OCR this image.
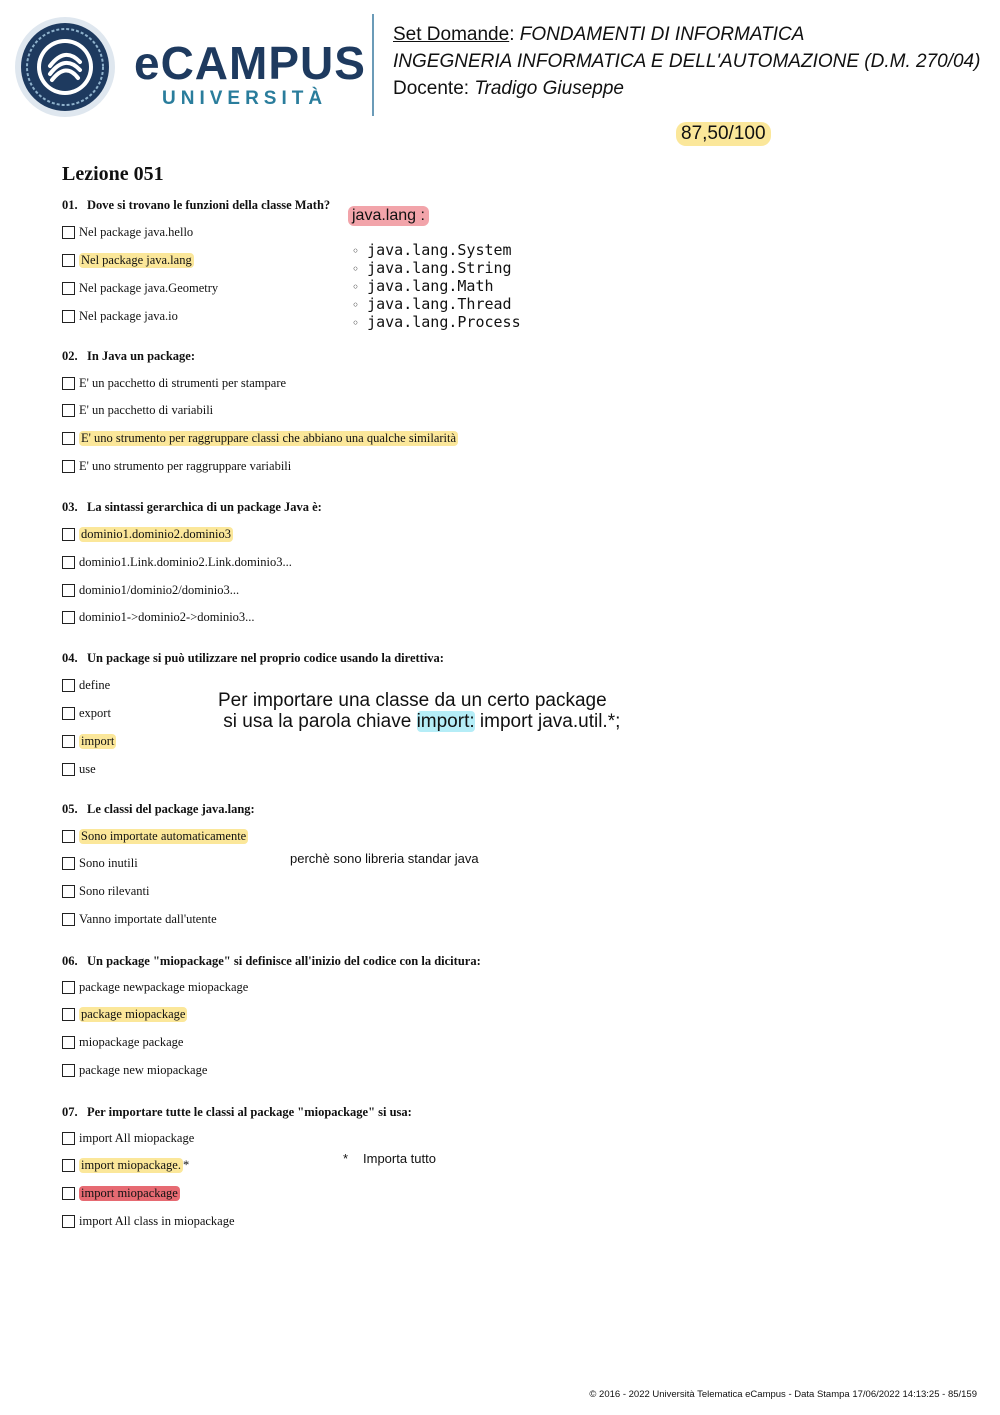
eCAMPUS
UNIVERSITÀ
Set Domande: FONDAMENTI DI INFORMATICA
INGEGNERIA INFORMATICA E DELL'AUTOMAZIONE (D.M. 270/04)
Docente: Tradigo Giuseppe
87,50/100
Lezione 051
01. Dove si trovano le funzioni della classe Math?
Nel package java.hello
Nel package java.lang
Nel package java.Geometry
Nel package java.io
java.lang :
◦ java.lang.System
◦ java.lang.String
◦ java.lang.Math
◦ java.lang.Thread
◦ java.lang.Process
02. In Java un package:
E' un pacchetto di strumenti per stampare
E' un pacchetto di variabili
E' uno strumento per raggruppare classi che abbiano una qualche similarità
E' uno strumento per raggruppare variabili
03. La sintassi gerarchica di un package Java è:
dominio1.dominio2.dominio3
dominio1.Link.dominio2.Link.dominio3...
dominio1/dominio2/dominio3...
dominio1->dominio2->dominio3...
04. Un package si può utilizzare nel proprio codice usando la direttiva:
define
export
import
use
Per importare una classe da un certo package
si usa la parola chiave import: import java.util.*;
05. Le classi del package java.lang:
Sono importate automaticamente
Sono inutili
Sono rilevanti
Vanno importate dall'utente
perchè sono libreria standar java
06. Un package "miopackage" si definisce all'inizio del codice con la dicitura:
package newpackage miopackage
package miopackage
miopackage package
package new miopackage
07. Per importare tutte le classi al package "miopackage" si usa:
import All miopackage
import miopackage. *
import miopackage
import All class in miopackage
* Importa tutto
© 2016 - 2022 Università Telematica eCampus - Data Stampa 17/06/2022 14:13:25 - 85/159
